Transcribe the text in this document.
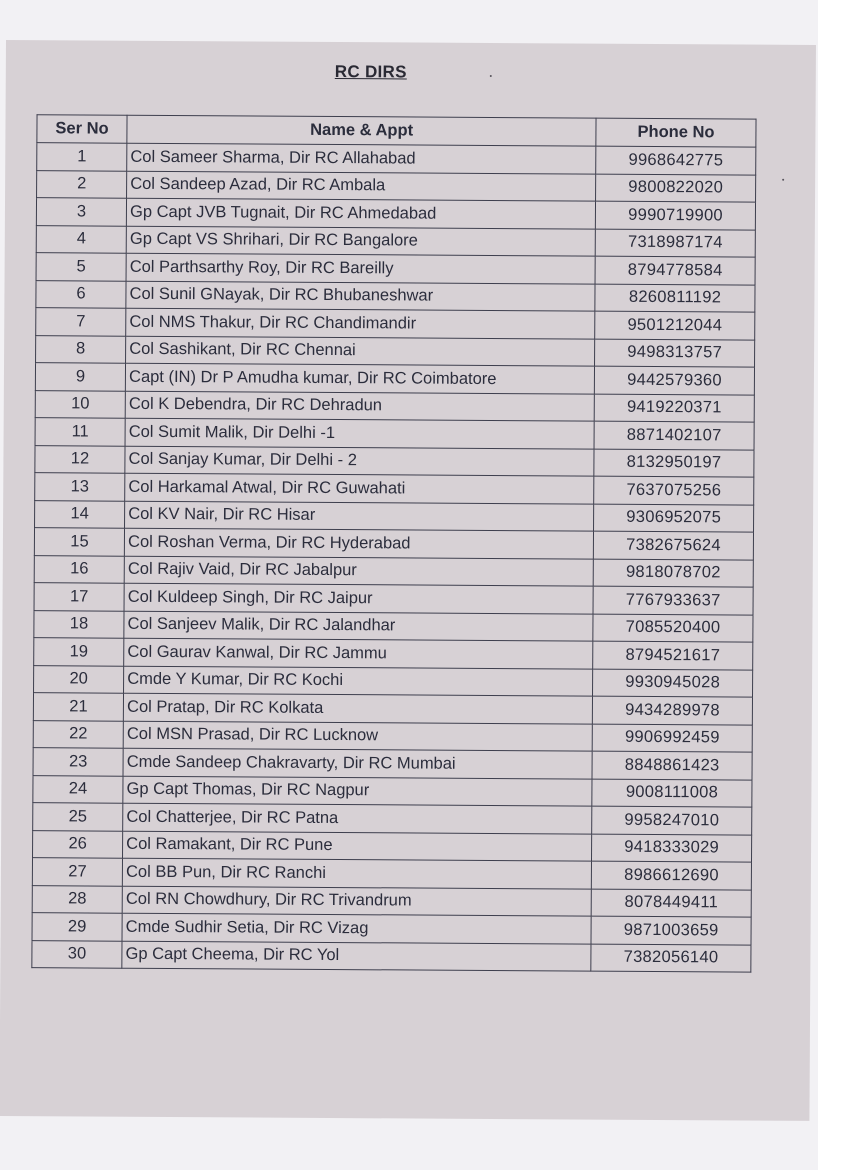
RC DIRS
Ser No	Name & Appt	Phone No
1	Col Sameer Sharma, Dir RC Allahabad	9968642775
2	Col Sandeep Azad, Dir RC Ambala	9800822020
3	Gp Capt JVB Tugnait, Dir RC Ahmedabad	9990719900
4	Gp Capt VS Shrihari, Dir RC Bangalore	7318987174
5	Col Parthsarthy Roy, Dir RC Bareilly	8794778584
6	Col Sunil GNayak, Dir RC Bhubaneshwar	8260811192
7	Col NMS Thakur, Dir RC Chandimandir	9501212044
8	Col Sashikant, Dir RC Chennai	9498313757
9	Capt (IN) Dr P Amudha kumar, Dir RC Coimbatore	9442579360
10	Col K Debendra, Dir RC Dehradun	9419220371
11	Col Sumit Malik, Dir Delhi -1	8871402107
12	Col Sanjay Kumar, Dir Delhi - 2	8132950197
13	Col Harkamal Atwal, Dir RC Guwahati	7637075256
14	Col KV Nair, Dir RC Hisar	9306952075
15	Col Roshan Verma, Dir RC Hyderabad	7382675624
16	Col Rajiv Vaid, Dir RC Jabalpur	9818078702
17	Col Kuldeep Singh, Dir RC Jaipur	7767933637
18	Col Sanjeev Malik, Dir RC Jalandhar	7085520400
19	Col Gaurav Kanwal, Dir RC Jammu	8794521617
20	Cmde Y Kumar, Dir RC Kochi	9930945028
21	Col Pratap, Dir RC Kolkata	9434289978
22	Col MSN Prasad, Dir RC Lucknow	9906992459
23	Cmde Sandeep Chakravarty, Dir RC Mumbai	8848861423
24	Gp Capt Thomas, Dir RC Nagpur	9008111008
25	Col Chatterjee, Dir RC Patna	9958247010
26	Col Ramakant, Dir RC Pune	9418333029
27	Col BB Pun, Dir RC Ranchi	8986612690
28	Col RN Chowdhury, Dir RC Trivandrum	8078449411
29	Cmde Sudhir Setia, Dir RC Vizag	9871003659
30	Gp Capt Cheema, Dir RC Yol	7382056140
